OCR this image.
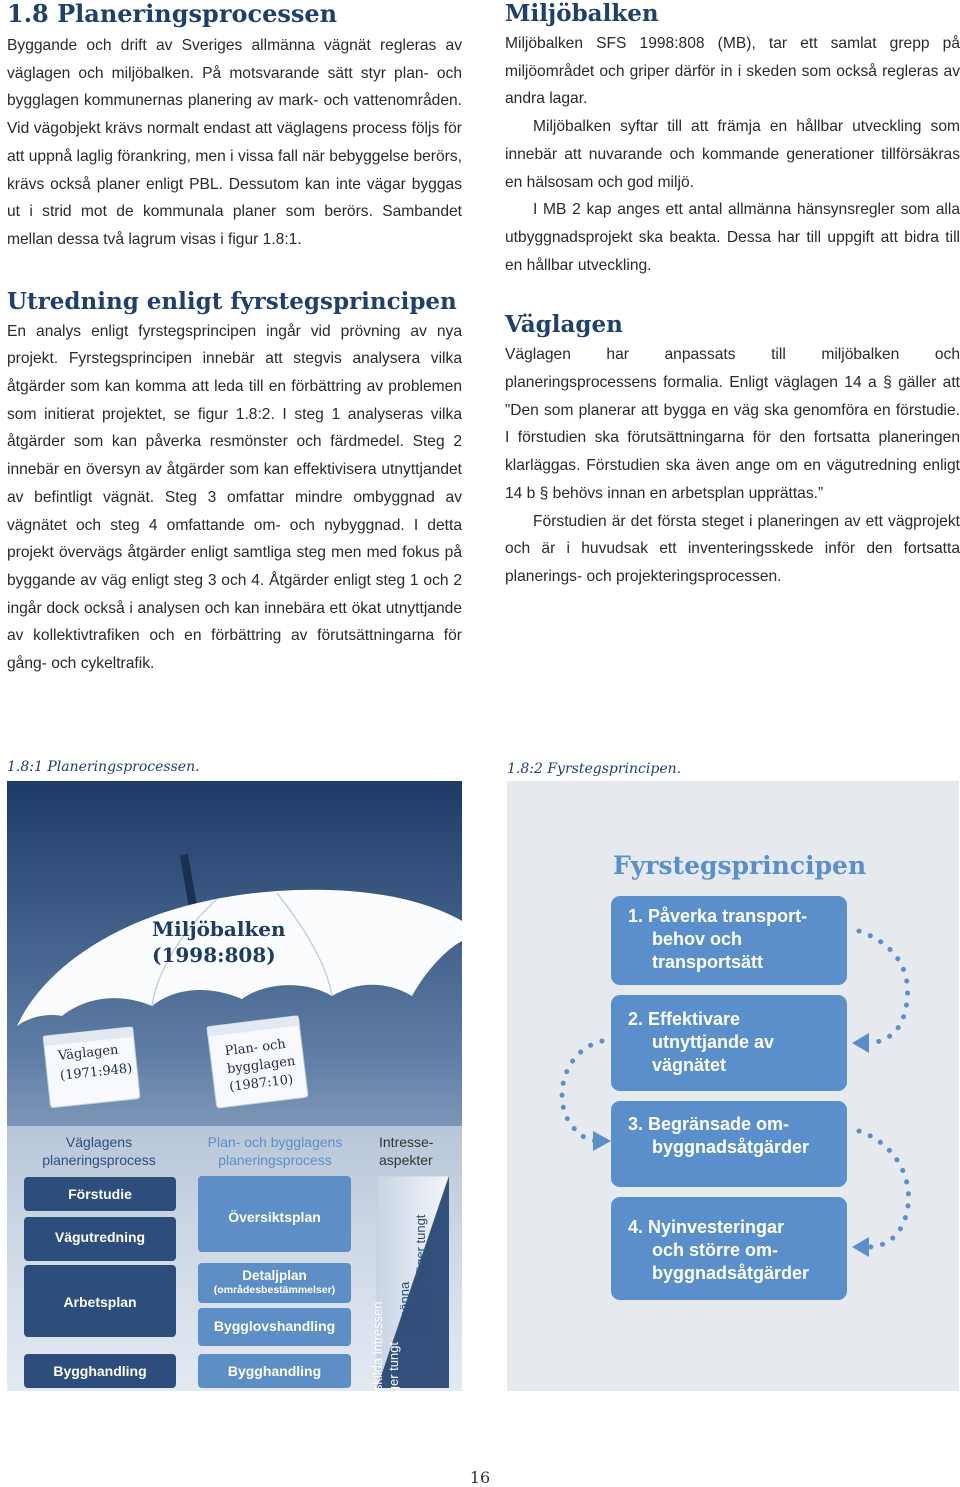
1.8 Planeringsprocessen

Byggande och drift av Sveriges allmänna vägnät regleras av väglagen och miljöbalken. På motsvarande sätt styr plan- och bygglagen kommunernas planering av mark- och vattenområden. Vid vägobjekt krävs normalt endast att väglagens process följs för att uppnå laglig förankring, men i vissa fall när bebyggelse berörs, krävs också planer enligt PBL. Dessutom kan inte vägar byggas ut i strid mot de kommunala planer som berörs. Sambandet mellan dessa två lagrum visas i figur 1.8:1.

Utredning enligt fyrstegsprincipen

En analys enligt fyrstegsprincipen ingår vid prövning av nya projekt. Fyrstegsprincipen innebär att stegvis analysera vilka åtgärder som kan komma att leda till en förbättring av problemen som initierat projektet, se figur 1.8:2. I steg 1 analyseras vilka åtgärder som kan påverka resmönster och färdmedel. Steg 2 innebär en översyn av åtgärder som kan effektivisera utnyttjandet av befintligt vägnät. Steg 3 omfattar mindre ombyggnad av vägnätet och steg 4 omfattande om- och nybyggnad. I detta projekt övervägs åtgärder enligt samtliga steg men med fokus på byggande av väg enligt steg 3 och 4. Åtgärder enligt steg 1 och 2 ingår dock också i analysen och kan innebära ett ökat utnyttjande av kollektivtrafiken och en förbättring av förutsättningarna för gång- och cykeltrafik.

Miljöbalken

Miljöbalken SFS 1998:808 (MB), tar ett samlat grepp på miljöområdet och griper därför in i skeden som också regleras av andra lagar.

Miljöbalken syftar till att främja en hållbar utveckling som innebär att nuvarande och kommande generationer tillförsäkras en hälsosam och god miljö.

I MB 2 kap anges ett antal allmänna hänsynsregler som alla utbyggnadsprojekt ska beakta. Dessa har till uppgift att bidra till en hållbar utveckling.

Väglagen

Väglagen har anpassats till miljöbalken och planeringsprocessens formalia. Enligt väglagen 14 a § gäller att ”Den som planerar att bygga en väg ska genomföra en förstudie. I förstudien ska förutsättningarna för den fortsatta planeringen klarläggas. Förstudien ska även ange om en vägutredning enligt 14 b § behövs innan en arbetsplan upprättas.”

Förstudien är det första steget i planeringen av ett vägprojekt och är i huvudsak ett inventeringsskede inför den fortsatta planerings- och projekteringsprocessen.

1.8:1 Planeringsprocessen.	1.8:2 Fyrstegsprincipen.
Miljöbalken
(1998:808)
Väglagen
(1971:948)
Plan- och
bygglagen
(1987:10)
Väglagens
planeringsprocess
Plan- och bygglagens
planeringsprocess
Intresse-
aspekter
Förstudie
Vägutredning
Arbetsplan
Bygghandling
Översiktsplan
Detaljplan
(områdesbestämmelser)
Bygglovshandling
Bygghandling
Allmänna intressen väger tungt
Enskilda intressen väger tungt
Fyrstegsprincipen
1. Påverka transport-
behov och
transportsätt
2. Effektivare
utnyttjande av
vägnätet
3. Begränsade om-
byggnadsåtgärder
4. Nyinvesteringar
och större om-
byggnadsåtgärder
16
